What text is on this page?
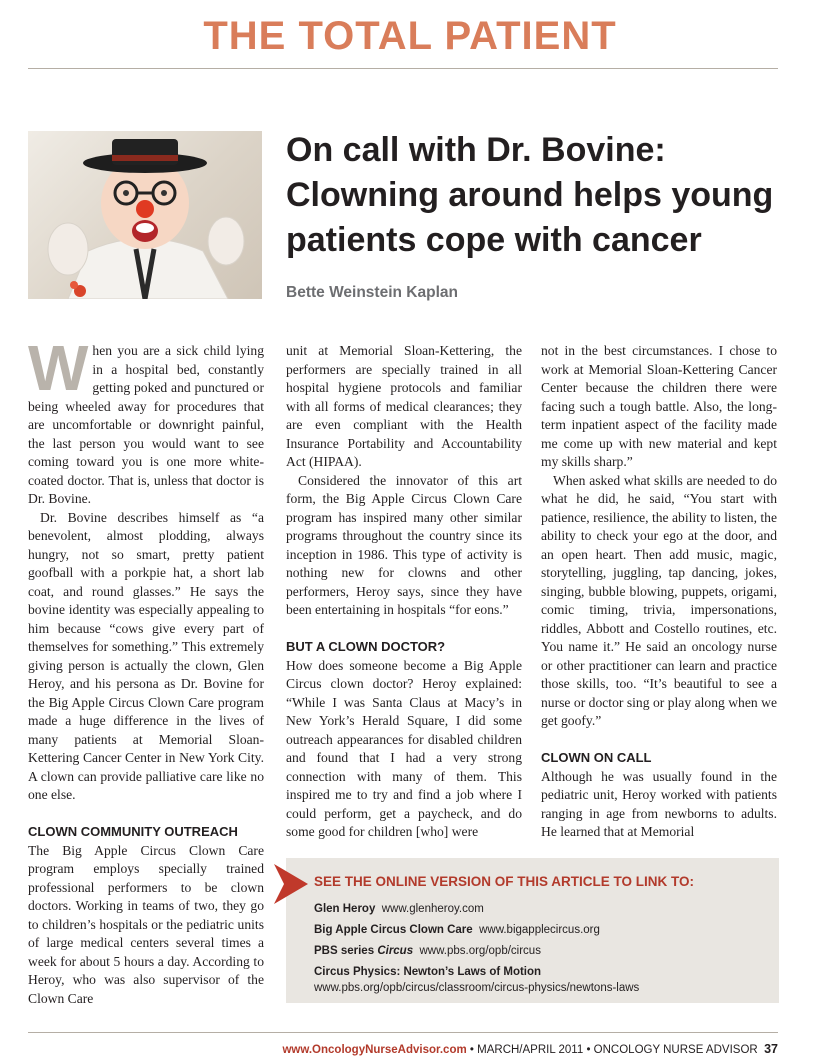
THE TOTAL PATIENT
On call with Dr. Bovine: Clowning around helps young patients cope with cancer
Bette Weinstein Kaplan

When you are a sick child lying in a hospital bed, constantly getting poked and punctured or being wheeled away for procedures that are uncomfortable or downright painful, the last person you would want to see coming toward you is one more white-coated doctor. That is, unless that doctor is Dr. Bovine.

Dr. Bovine describes himself as “a benevolent, almost plodding, always hungry, not so smart, pretty patient goofball with a porkpie hat, a short lab coat, and round glasses.” He says the bovine identity was especially appealing to him because “cows give every part of themselves for something.” This extremely giving person is actually the clown, Glen Heroy, and his persona as Dr. Bovine for the Big Apple Circus Clown Care program made a huge difference in the lives of many patients at Memorial Sloan-Kettering Cancer Center in New York City. A clown can provide palliative care like no one else.

CLOWN COMMUNITY OUTREACH

The Big Apple Circus Clown Care program employs specially trained professional performers to be clown doctors. Working in teams of two, they go to children’s hospitals or the pediatric units of large medical centers several times a week for about 5 hours a day. According to Heroy, who was also supervisor of the Clown Care

unit at Memorial Sloan-Kettering, the performers are specially trained in all hospital hygiene protocols and familiar with all forms of medical clearances; they are even compliant with the Health Insurance Portability and Accountability Act (HIPAA).

Considered the innovator of this art form, the Big Apple Circus Clown Care program has inspired many other similar programs throughout the country since its inception in 1986. This type of activity is nothing new for clowns and other performers, Heroy says, since they have been entertaining in hospitals “for eons.”

BUT A CLOWN DOCTOR?

How does someone become a Big Apple Circus clown doctor? Heroy explained: “While I was Santa Claus at Macy’s in New York’s Herald Square, I did some outreach appearances for disabled children and found that I had a very strong connection with many of them. This inspired me to try and find a job where I could perform, get a paycheck, and do some good for children [who] were

not in the best circumstances. I chose to work at Memorial Sloan-Kettering Cancer Center because the children there were facing such a tough battle. Also, the long-term inpatient aspect of the facility made me come up with new material and kept my skills sharp.”

When asked what skills are needed to do what he did, he said, “You start with patience, resilience, the ability to listen, the ability to check your ego at the door, and an open heart. Then add music, magic, storytelling, juggling, tap dancing, jokes, singing, bubble blowing, puppets, origami, comic timing, trivia, impersonations, riddles, Abbott and Costello routines, etc. You name it.” He said an oncology nurse or other practitioner can learn and practice those skills, too. “It’s beautiful to see a nurse or doctor sing or play along when we get goofy.”

CLOWN ON CALL

Although he was usually found in the pediatric unit, Heroy worked with patients ranging in age from newborns to adults. He learned that at Memorial

SEE THE ONLINE VERSION OF THIS ARTICLE TO LINK TO:
Glen Heroy www.glenheroy.com
Big Apple Circus Clown Care www.bigapplecircus.org
PBS series Circus www.pbs.org/opb/circus
Circus Physics: Newton’s Laws of Motion
www.pbs.org/opb/circus/classroom/circus-physics/newtons-laws
www.OncologyNurseAdvisor.com • MARCH/APRIL 2011 • ONCOLOGY NURSE ADVISOR 37
